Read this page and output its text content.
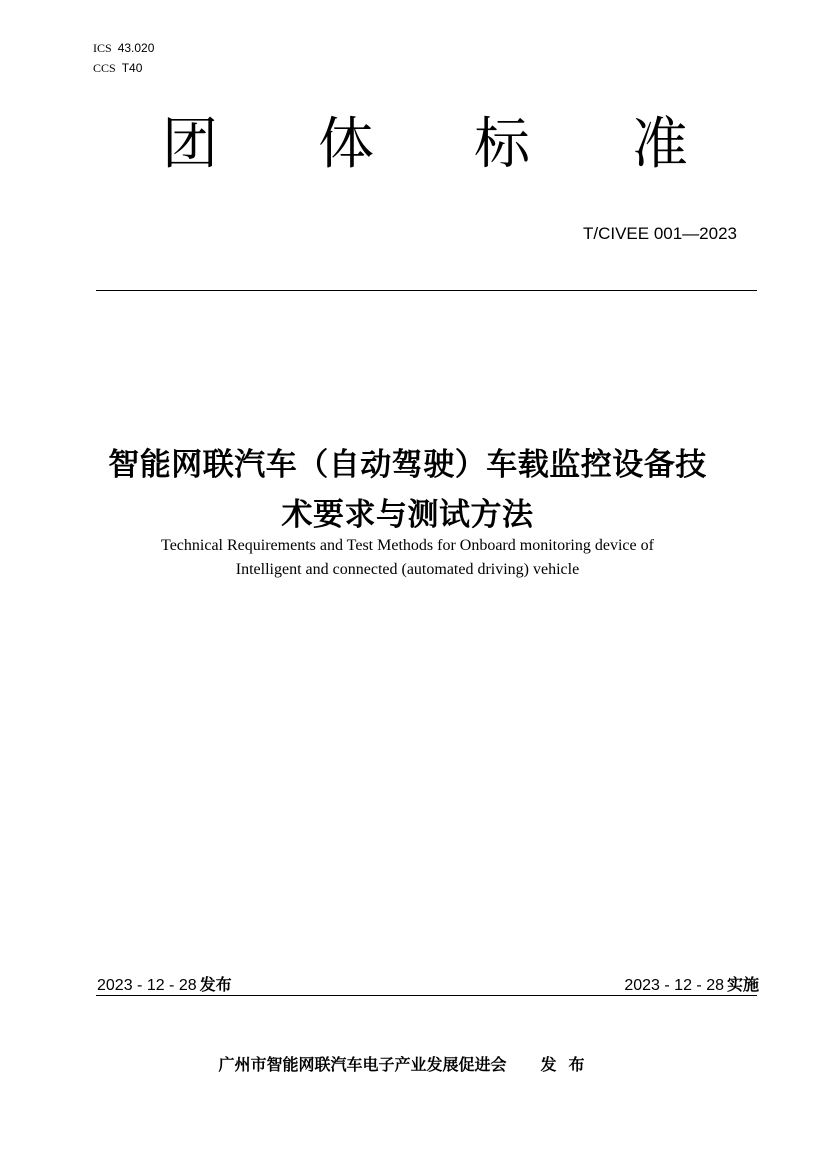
ICS 43.020
CCS T40
团 体 标 准
T/CIVEE 001—2023
智能网联汽车（自动驾驶）车载监控设备技
术要求与测试方法
Technical Requirements and Test Methods for Onboard monitoring device of
Intelligent and connected (automated driving) vehicle
2023 - 12 - 28 发布	2023 - 12 - 28 实施
广州市智能网联汽车电子产业发展促进会 发布
